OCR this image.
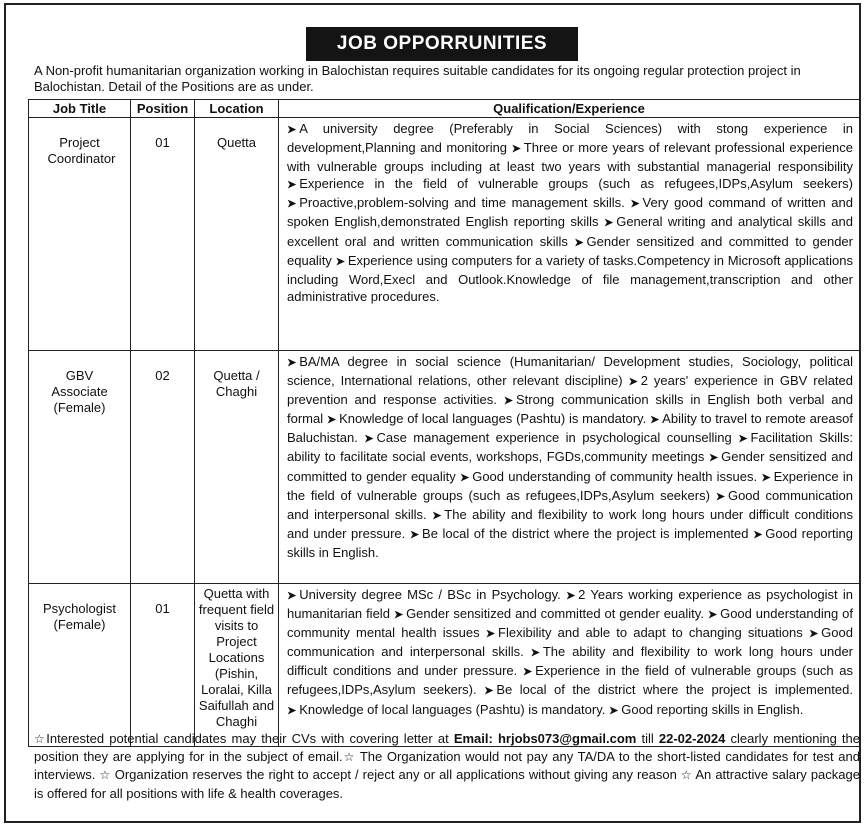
JOB OPPORRUNITIES
A Non-profit humanitarian organization working in Balochistan requires suitable candidates for its ongoing regular protection project in Balochistan. Detail of the Positions are as under.
Job Title	Position	Location	Qualification/Experience

Project Coordinator	01	Quetta	➤ A university degree (Preferably in Social Sciences) with stong experience in development,Planning and monitoring ➤ Three or more years of relevant professional experience with vulnerable groups including at least two years with substantial managerial responsibility ➤ Experience in the field of vulnerable groups (such as refugees,IDPs,Asylum seekers) ➤ Proactive,problem-solving and time management skills. ➤ Very good command of written and spoken English,demonstrated English reporting skills ➤ General writing and analytical skills and excellent oral and written communication skills ➤ Gender sensitized and committed to gender equality ➤ Experience using computers for a variety of tasks.Competency in Microsoft applications including Word,Execl and Outlook.Knowledge of file management,transcription and other administrative procedures.

GBV Associate (Female)	02	Quetta / Chaghi	➤ BA/MA degree in social science (Humanitarian/ Development studies, Sociology, political science, International relations, other relevant discipline) ➤ 2 years' experience in GBV related prevention and response activities. ➤ Strong communication skills in English both verbal and formal ➤ Knowledge of local languages (Pashtu) is mandatory. ➤ Ability to travel to remote areasof Baluchistan. ➤ Case management experience in psychological counselling ➤ Facilitation Skills: ability to facilitate social events, workshops, FGDs,community meetings ➤ Gender sensitized and committed to gender equality ➤ Good understanding of community health issues. ➤ Experience in the field of vulnerable groups (such as refugees,IDPs,Asylum seekers) ➤ Good communication and interpersonal skills. ➤ The ability and flexibility to work long hours under difficult conditions and under pressure. ➤ Be local of the district where the project is implemented ➤ Good reporting skills in English.

Psychologist (Female)	01	Quetta with frequent field visits to Project Locations (Pishin, Loralai, Killa Saifullah and Chaghi	➤ University degree MSc / BSc in Psychology. ➤ 2 Years working experience as psychologist in humanitarian field ➤ Gender sensitized and committed ot gender euality. ➤ Good understanding of community mental health issues ➤ Flexibility and able to adapt to changing situations ➤ Good communication and interpersonal skills. ➤ The ability and flexibility to work long hours under difficult conditions and under pressure. ➤ Experience in the field of vulnerable groups (such as refugees,IDPs,Asylum seekers). ➤ Be local of the district where the project is implemented. ➤ Knowledge of local languages (Pashtu) is mandatory. ➤ Good reporting skills in English.
☆Interested potential candidates may their CVs with covering letter at Email: hrjobs073@gmail.com till 22-02-2024 clearly mentioning the position they are applying for in the subject of email.☆ The Organization would not pay any TA/DA to the short-listed candidates for test and interviews. ☆ Organization reserves the right to accept / reject any or all applications without giving any reason ☆ An attractive salary package is offered for all positions with life & health coverages.
